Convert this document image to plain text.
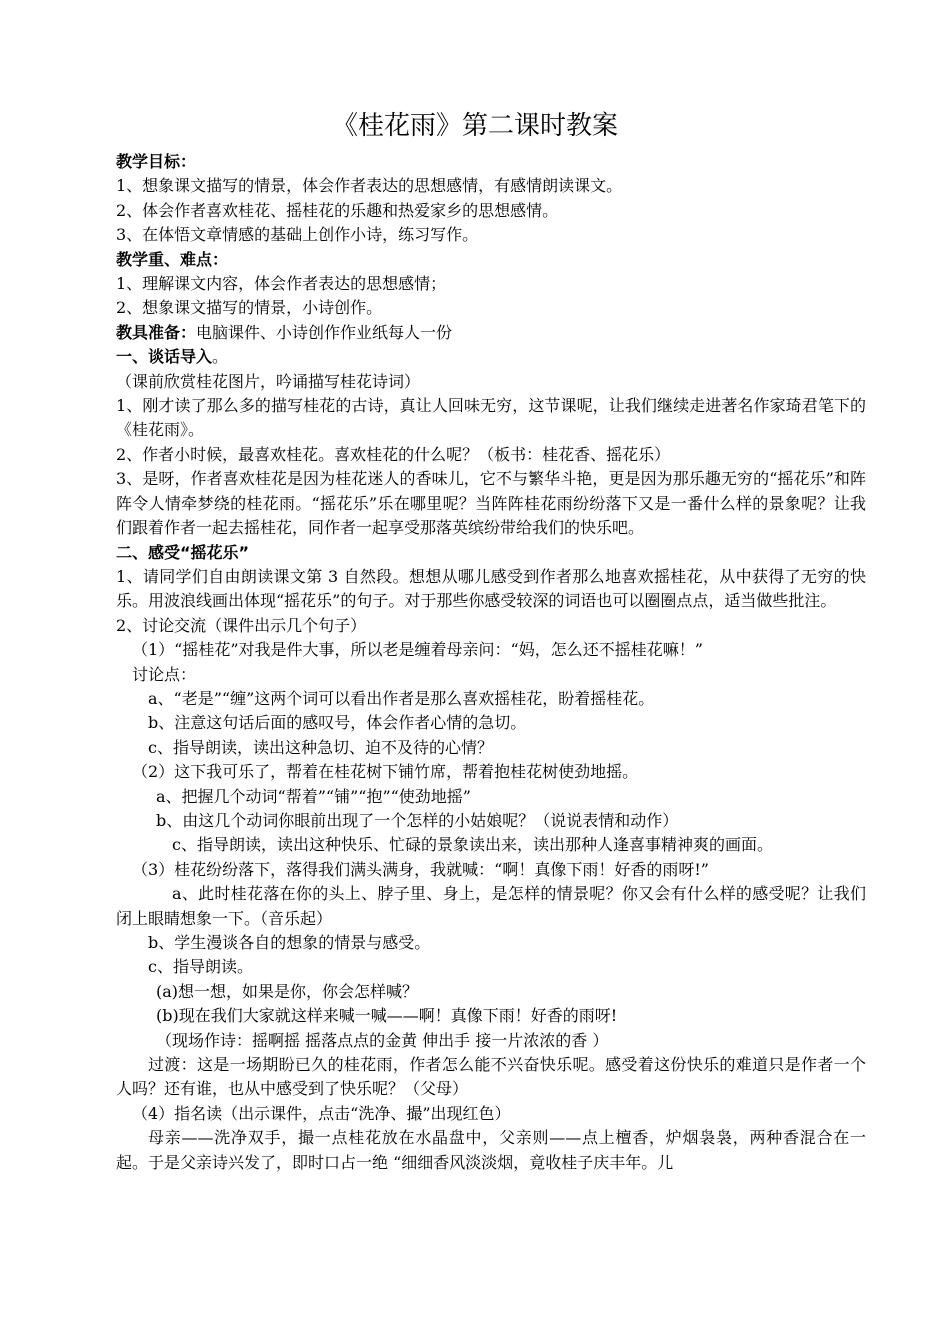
《桂花雨》第二课时教案

教学目标：

1、想象课文描写的情景，体会作者表达的思想感情，有感情朗读课文。

2、体会作者喜欢桂花、摇桂花的乐趣和热爱家乡的思想感情。

3、在体悟文章情感的基础上创作小诗，练习写作。

教学重、难点：

1、理解课文内容，体会作者表达的思想感情；

2、想象课文描写的情景，小诗创作。

教具准备：电脑课件、小诗创作作业纸每人一份

一、谈话导入。

（课前欣赏桂花图片，吟诵描写桂花诗词）

1、刚才读了那么多的描写桂花的古诗，真让人回味无穷，这节课呢，让我们继续走进著名作家琦君笔下的《桂花雨》。

2、作者小时候，最喜欢桂花。喜欢桂花的什么呢？（板书：桂花香、摇花乐）

3、是呀，作者喜欢桂花是因为桂花迷人的香味儿，它不与繁华斗艳，更是因为那乐趣无穷的“摇花乐”和阵阵令人情牵梦绕的桂花雨。“摇花乐”乐在哪里呢？当阵阵桂花雨纷纷落下又是一番什么样的景象呢？让我们跟着作者一起去摇桂花，同作者一起享受那落英缤纷带给我们的快乐吧。

二、感受“摇花乐”

1、请同学们自由朗读课文第 3 自然段。想想从哪儿感受到作者那么地喜欢摇桂花，从中获得了无穷的快乐。用波浪线画出体现“摇花乐”的句子。对于那些你感受较深的词语也可以圈圈点点，适当做些批注。

2、讨论交流（课件出示几个句子）

（1）“摇桂花”对我是件大事，所以老是缠着母亲问：“妈，怎么还不摇桂花嘛！”

讨论点：

a、“老是”“缠”这两个词可以看出作者是那么喜欢摇桂花，盼着摇桂花。

b、注意这句话后面的感叹号，体会作者心情的急切。

c、指导朗读，读出这种急切、迫不及待的心情？

（2）这下我可乐了，帮着在桂花树下铺竹席，帮着抱桂花树使劲地摇。

a、把握几个动词“帮着”“铺”“抱”“使劲地摇”

b、由这几个动词你眼前出现了一个怎样的小姑娘呢？（说说表情和动作）

c、指导朗读，读出这种快乐、忙碌的景象读出来，读出那种人逢喜事精神爽的画面。

（3）桂花纷纷落下，落得我们满头满身，我就喊：“啊！真像下雨！好香的雨呀!”

a、此时桂花落在你的头上、脖子里、身上，是怎样的情景呢？你又会有什么样的感受呢？让我们闭上眼睛想象一下。（音乐起）

b、学生漫谈各自的想象的情景与感受。

c、指导朗读。

(a)想一想，如果是你，你会怎样喊？

(b)现在我们大家就这样来喊一喊——啊！真像下雨！好香的雨呀!

（现场作诗：摇啊摇 摇落点点的金黄 伸出手 接一片浓浓的香 ）

过渡：这是一场期盼已久的桂花雨，作者怎么能不兴奋快乐呢。感受着这份快乐的难道只是作者一个人吗？还有谁，也从中感受到了快乐呢？（父母）

（4）指名读（出示课件，点击“洗净、撮”出现红色）

母亲——洗净双手，撮一点桂花放在水晶盘中，父亲则——点上檀香，炉烟袅袅，两种香混合在一起。于是父亲诗兴发了，即时口占一绝 “细细香风淡淡烟，竟收桂子庆丰年。儿
